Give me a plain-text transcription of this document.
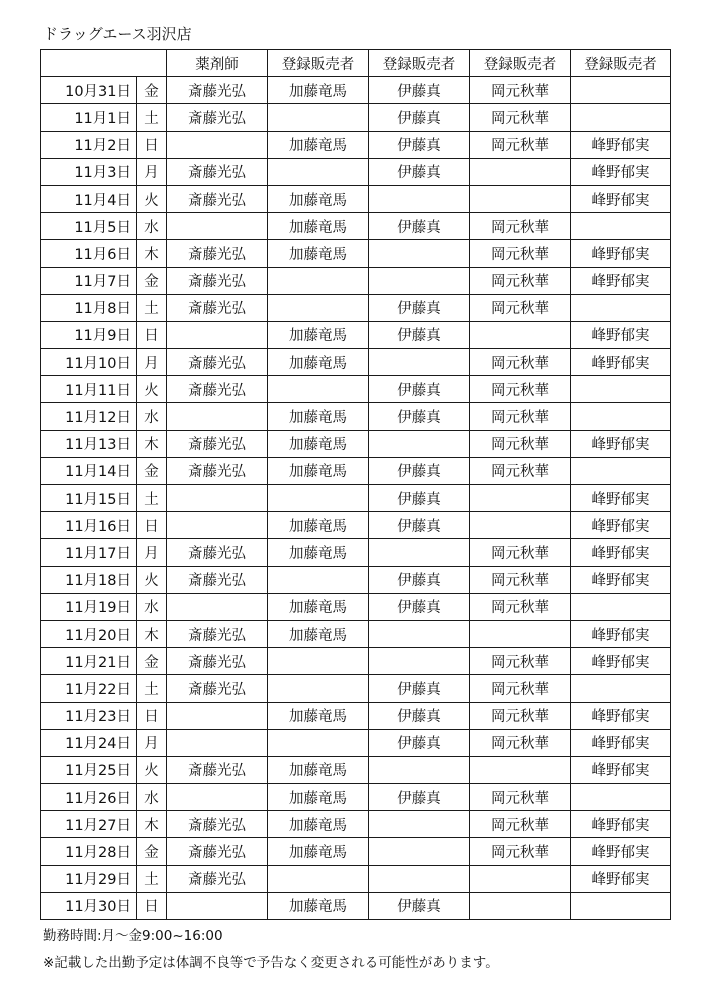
ドラッグエース羽沢店
		薬剤師	登録販売者	登録販売者	登録販売者	登録販売者
10月31日	金	斎藤光弘	加藤竜馬	伊藤真	岡元秋華	
11月1日	土	斎藤光弘		伊藤真	岡元秋華	
11月2日	日		加藤竜馬	伊藤真	岡元秋華	峰野郁実
11月3日	月	斎藤光弘		伊藤真		峰野郁実
11月4日	火	斎藤光弘	加藤竜馬			峰野郁実
11月5日	水		加藤竜馬	伊藤真	岡元秋華	
11月6日	木	斎藤光弘	加藤竜馬		岡元秋華	峰野郁実
11月7日	金	斎藤光弘			岡元秋華	峰野郁実
11月8日	土	斎藤光弘		伊藤真	岡元秋華	
11月9日	日		加藤竜馬	伊藤真		峰野郁実
11月10日	月	斎藤光弘	加藤竜馬		岡元秋華	峰野郁実
11月11日	火	斎藤光弘		伊藤真	岡元秋華	
11月12日	水		加藤竜馬	伊藤真	岡元秋華	
11月13日	木	斎藤光弘	加藤竜馬		岡元秋華	峰野郁実
11月14日	金	斎藤光弘	加藤竜馬	伊藤真	岡元秋華	
11月15日	土			伊藤真		峰野郁実
11月16日	日		加藤竜馬	伊藤真		峰野郁実
11月17日	月	斎藤光弘	加藤竜馬		岡元秋華	峰野郁実
11月18日	火	斎藤光弘		伊藤真	岡元秋華	峰野郁実
11月19日	水		加藤竜馬	伊藤真	岡元秋華	
11月20日	木	斎藤光弘	加藤竜馬			峰野郁実
11月21日	金	斎藤光弘			岡元秋華	峰野郁実
11月22日	土	斎藤光弘		伊藤真	岡元秋華	
11月23日	日		加藤竜馬	伊藤真	岡元秋華	峰野郁実
11月24日	月			伊藤真	岡元秋華	峰野郁実
11月25日	火	斎藤光弘	加藤竜馬			峰野郁実
11月26日	水		加藤竜馬	伊藤真	岡元秋華	
11月27日	木	斎藤光弘	加藤竜馬		岡元秋華	峰野郁実
11月28日	金	斎藤光弘	加藤竜馬		岡元秋華	峰野郁実
11月29日	土	斎藤光弘				峰野郁実
11月30日	日		加藤竜馬	伊藤真		
勤務時間:月～金9:00~16:00
※記載した出勤予定は体調不良等で予告なく変更される可能性があります。
